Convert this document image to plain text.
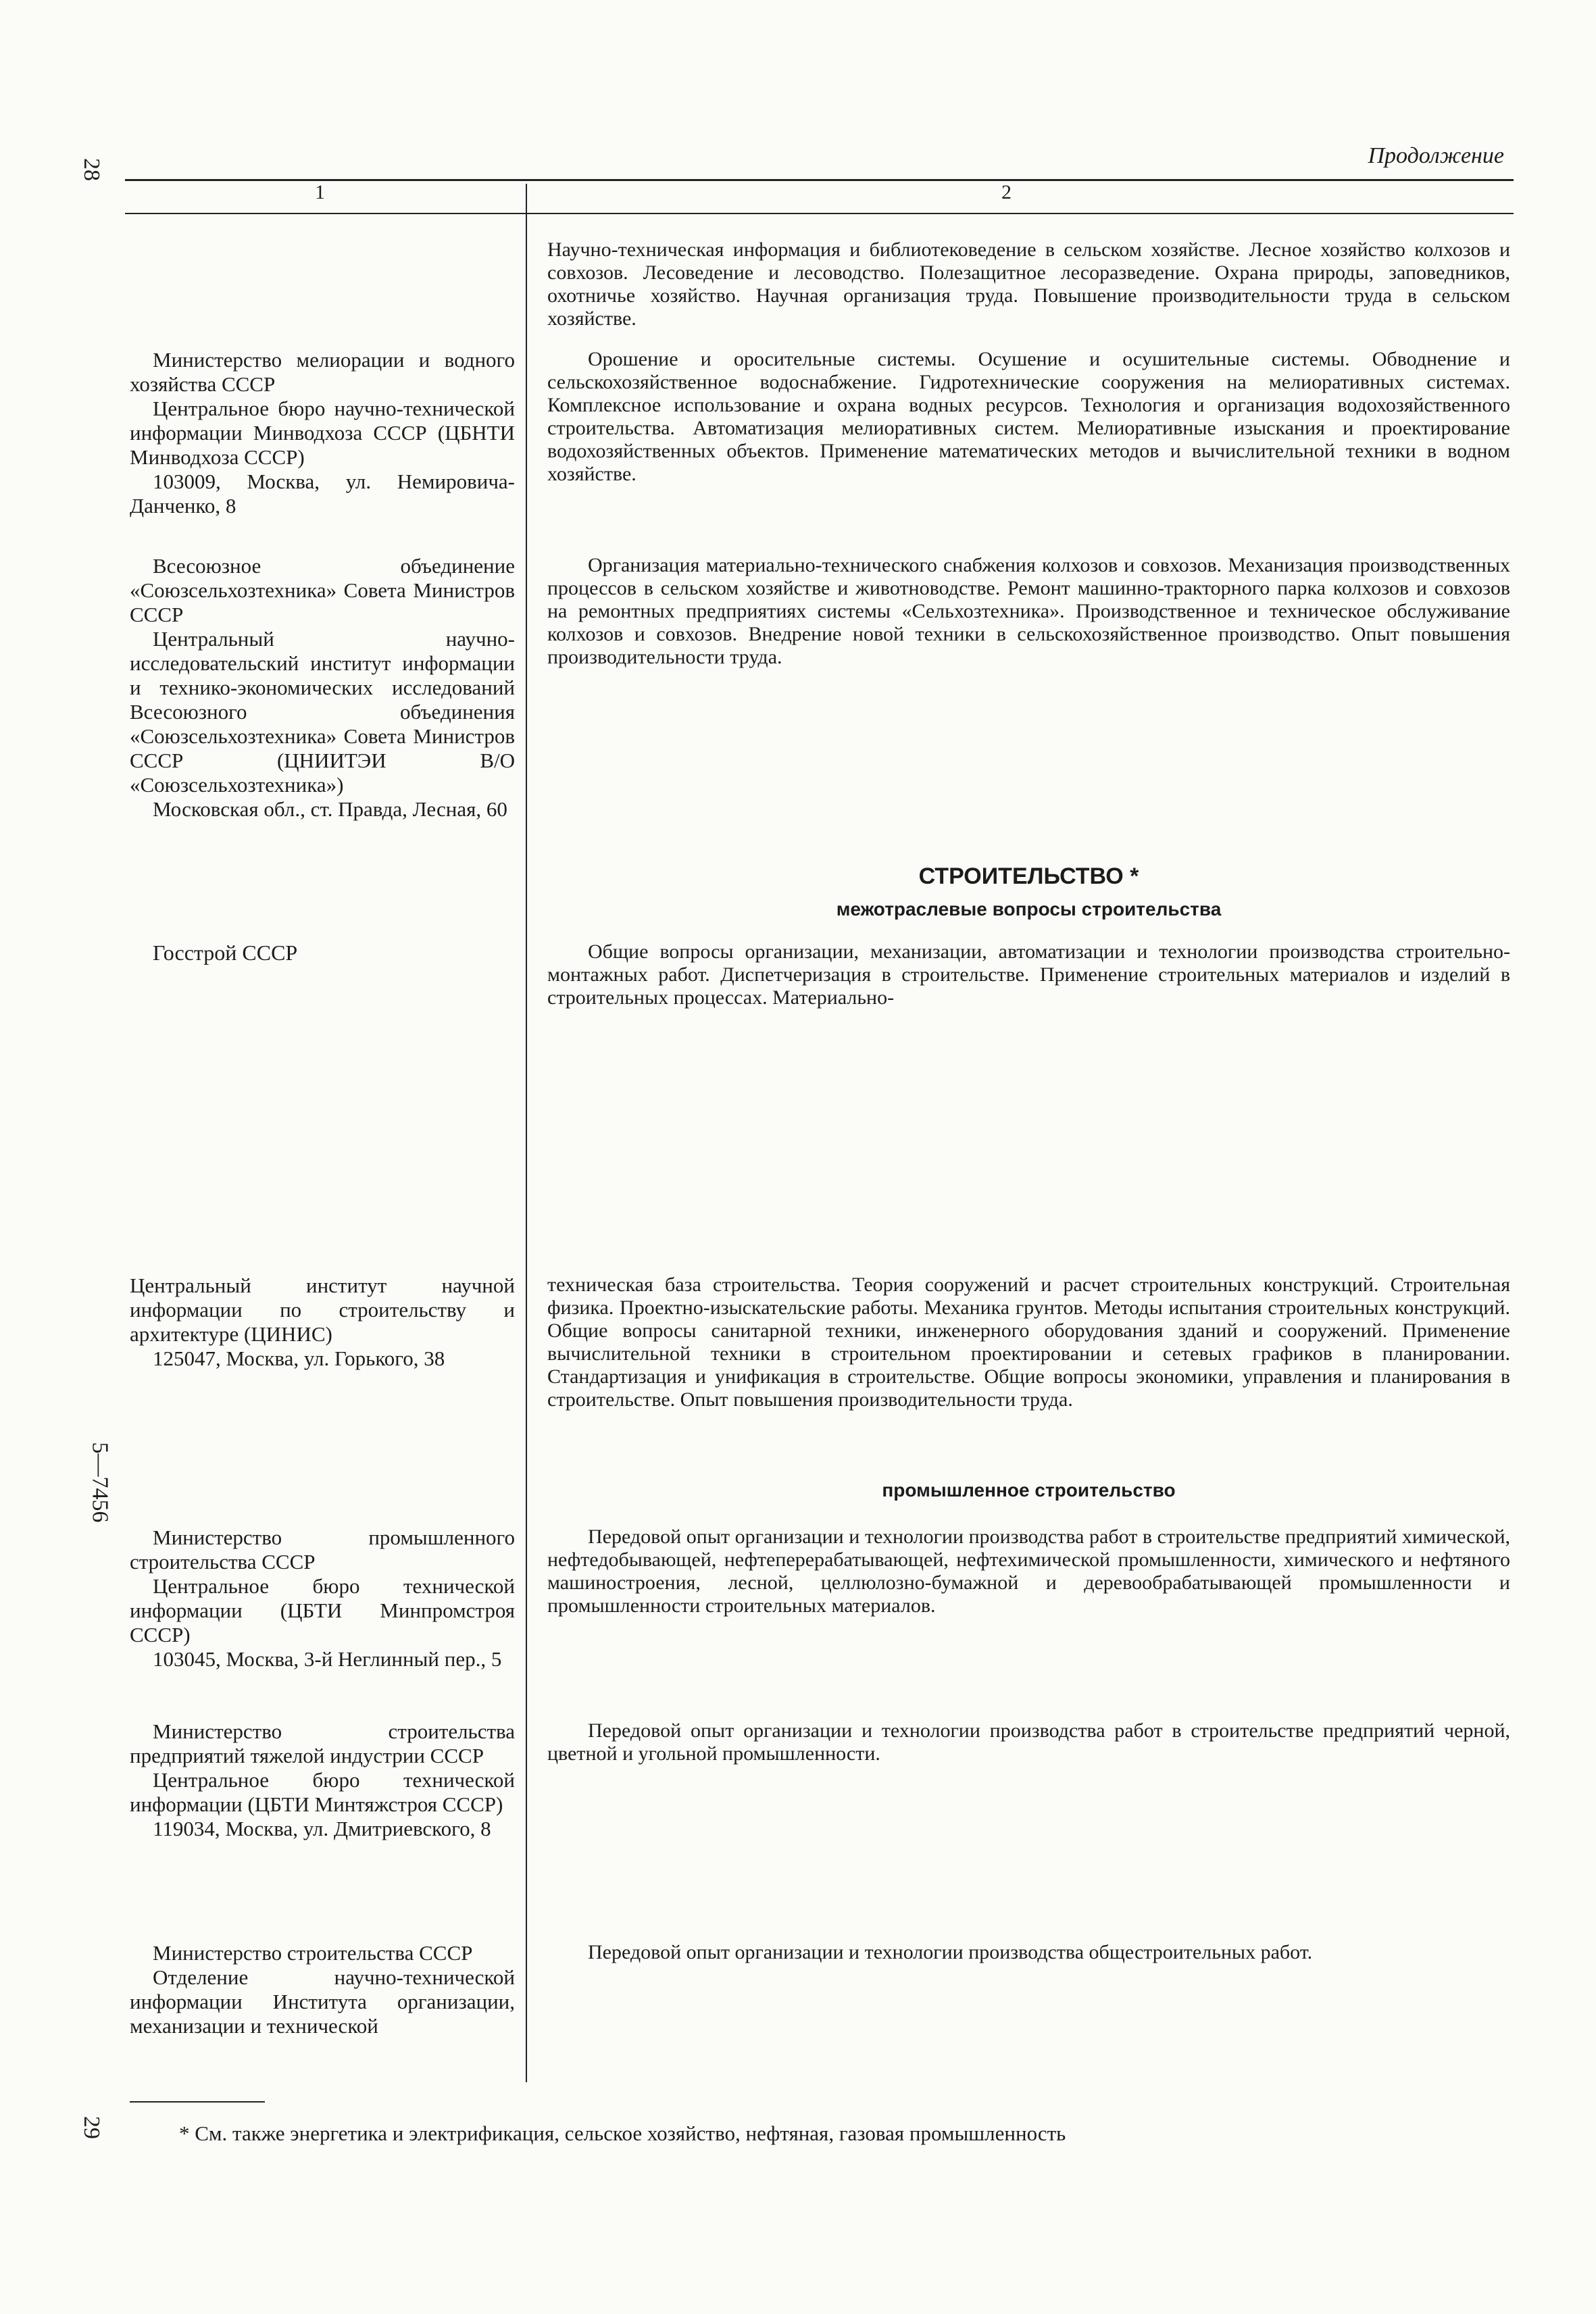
28
5—7456
29
Продолжение
1	2

Научно-техническая информация и библиотековедение в сельском хозяйстве. Лесное хозяйство колхозов и совхозов. Лесоведение и лесоводство. Полезащитное лесоразведение. Охрана природы, заповедников, охотничье хозяйство. Научная организация труда. Повышение производительности труда в сельском хозяйстве.

Министерство мелиорации и водного хозяйства СССР

Центральное бюро научно-технической информации Минводхоза СССР (ЦБНТИ Минводхоза СССР)

103009, Москва, ул. Немировича-Данченко, 8

Орошение и оросительные системы. Осушение и осушительные системы. Обводнение и сельскохозяйственное водоснабжение. Гидротехнические сооружения на мелиоративных системах. Комплексное использование и охрана водных ресурсов. Технология и организация водохозяйственного строительства. Автоматизация мелиоративных систем. Мелиоративные изыскания и проектирование водохозяйственных объектов. Применение математических методов и вычислительной техники в водном хозяйстве.

Всесоюзное объединение «Союзсельхозтехника» Совета Министров СССР

Центральный научно-исследовательский институт информации и технико-экономических исследований Всесоюзного объединения «Союзсельхозтехника» Совета Министров СССР (ЦНИИТЭИ В/О «Союзсельхозтехника»)

Московская обл., ст. Правда, Лесная, 60

Организация материально-технического снабжения колхозов и совхозов. Механизация производственных процессов в сельском хозяйстве и животноводстве. Ремонт машинно-тракторного парка колхозов и совхозов на ремонтных предприятиях системы «Сельхозтехника». Производственное и техническое обслуживание колхозов и совхозов. Внедрение новой техники в сельскохозяйственное производство. Опыт повышения производительности труда.

СТРОИТЕЛЬСТВО *
межотраслевые вопросы строительства

Госстрой СССР	Общие вопросы организации, механизации, автоматизации и технологии производства строительно-монтажных работ. Диспетчеризация в строительстве. Применение строительных материалов и изделий в строительных процессах. Материально-

Центральный институт научной информации по строительству и архитектуре (ЦИНИС)

125047, Москва, ул. Горького, 38

техническая база строительства. Теория сооружений и расчет строительных конструкций. Строительная физика. Проектно-изыскательские работы. Механика грунтов. Методы испытания строительных конструкций. Общие вопросы санитарной техники, инженерного оборудования зданий и сооружений. Применение вычислительной техники в строительном проектировании и сетевых графиков в планировании. Стандартизация и унификация в строительстве. Общие вопросы экономики, управления и планирования в строительстве. Опыт повышения производительности труда.

промышленное строительство

Министерство промышленного строительства СССР

Центральное бюро технической информации (ЦБТИ Минпромстроя СССР)

103045, Москва, 3-й Неглинный пер., 5

Передовой опыт организации и технологии производства работ в строительстве предприятий химической, нефтедобывающей, нефтеперерабатывающей, нефтехимической промышленности, химического и нефтяного машиностроения, лесной, целлюлозно-бумажной и деревообрабатывающей промышленности и промышленности строительных материалов.

Министерство строительства предприятий тяжелой индустрии СССР

Центральное бюро технической информации (ЦБТИ Минтяжстроя СССР)

119034, Москва, ул. Дмитриевского, 8

Передовой опыт организации и технологии производства работ в строительстве предприятий черной, цветной и угольной промышленности.

Министерство строительства СССР

Отделение научно-технической информации Института организации, механизации и технической

Передовой опыт организации и технологии производства общестроительных работ.

* См. также энергетика и электрификация, сельское хозяйство, нефтяная, газовая промышленность
